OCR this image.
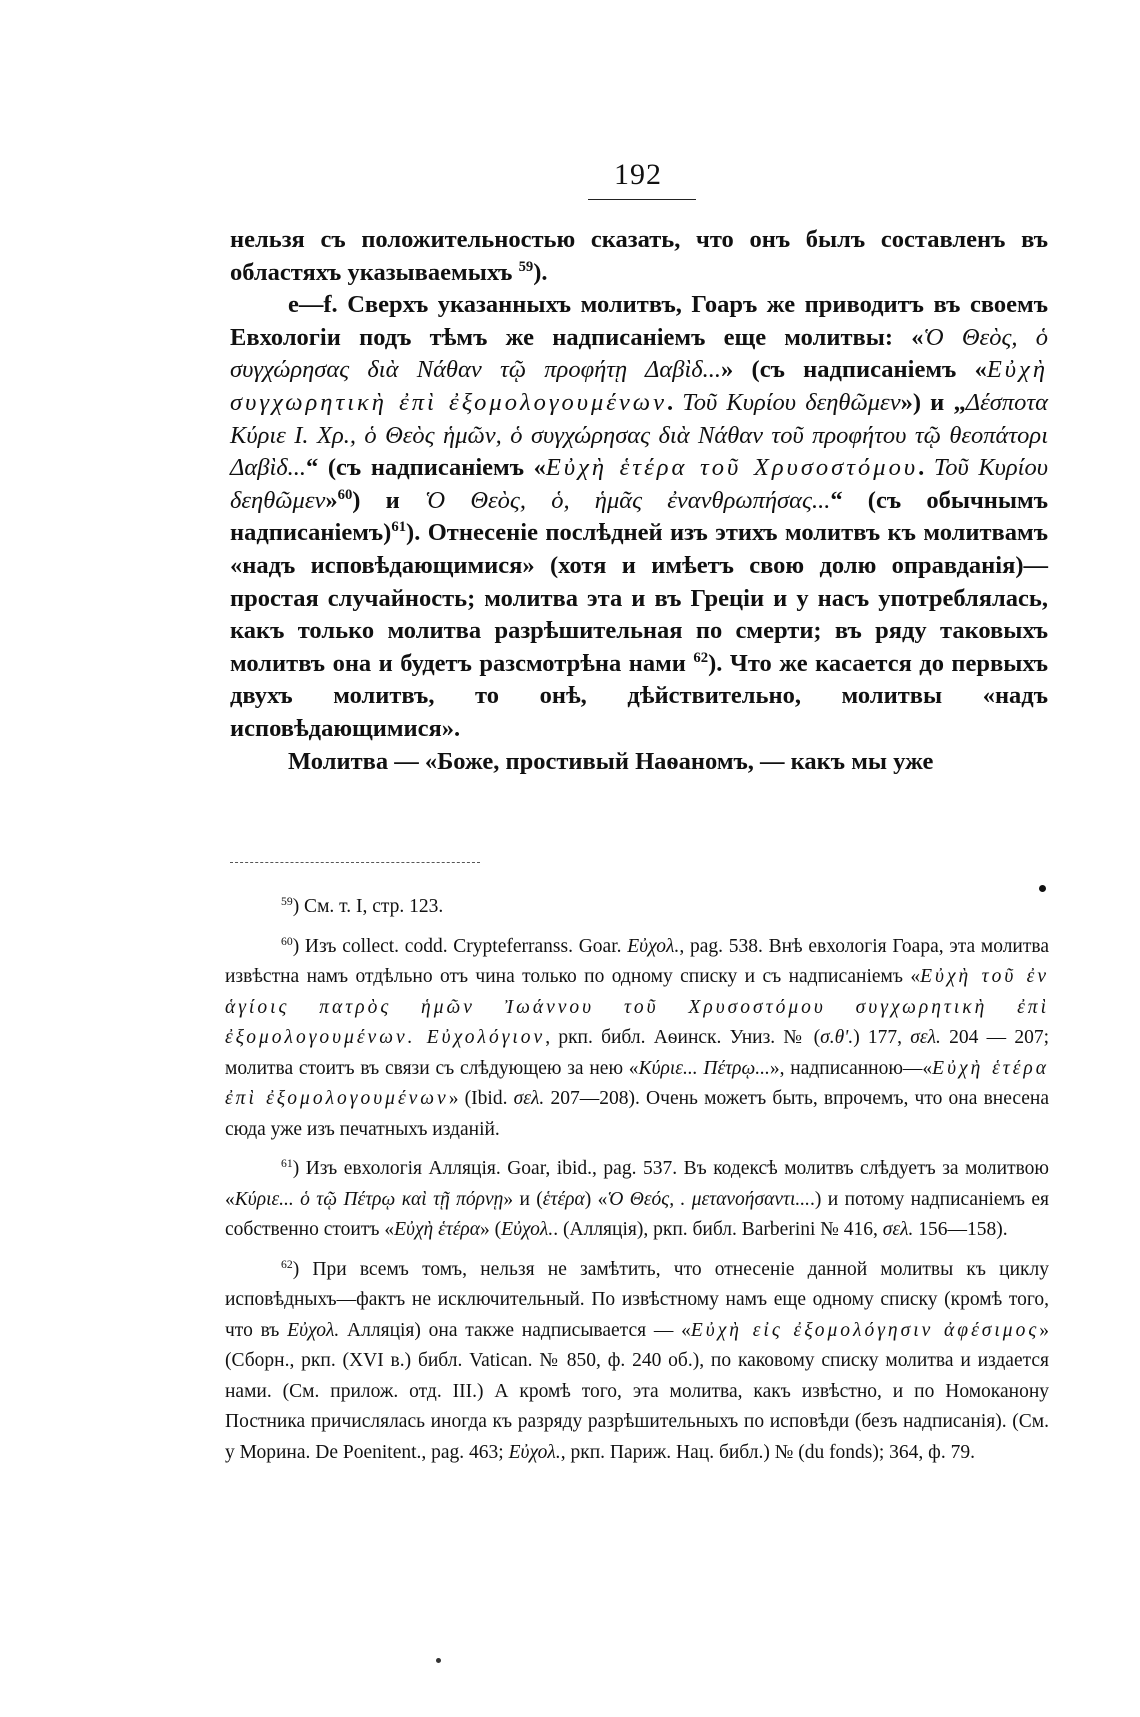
192

нельзя съ положительностью сказать, что онъ былъ составленъ въ областяхъ указываемыхъ $^{59}$).

e—f. Сверхъ указанныхъ молитвъ, Гоаръ же приводитъ въ своемъ Евхологіи подъ тѣмъ же надписаніемъ еще молитвы: «Ὁ Θεὸς, ὁ συγχώρησας διὰ Νάθαν τῷ προφήτῃ Δαβὶδ...» (съ надписаніемъ «Εὐχὴ συγχωρητικὴ ἐπὶ ἐξομολογουμένων. Τοῦ Κυρίου δεηθῶμεν») и „Δέσποτα Κύριε Ι. Χρ., ὁ Θεὸς ἡμῶν, ὁ συγχώρησας διὰ Νάθαν τοῦ προφήτου τῷ θεοπάτορι Δαβὶδ...“ (съ надписаніемъ «Εὐχὴ ἑτέρα τοῦ Χρυσοστόμου. Τοῦ Κυρίου δεηθῶμεν»$^{60}$) и Ὁ Θεὸς, ὁ, ἡμᾶς ἐνανθρωπήσας...“ (съ обычнымъ надписаніемъ)$^{61}$). Отнесеніе послѣдней изъ этихъ молитвъ къ молитвамъ «надъ исповѣдающимися» (хотя и имѣетъ свою долю оправданія)—простая случайность; молитва эта и въ Греціи и у насъ употреблялась, какъ только молитва разрѣшительная по смерти; въ ряду таковыхъ молитвъ она и будетъ разсмотрѣна нами $^{62}$). Что же касается до первыхъ двухъ молитвъ, то онѣ, дѣйствительно, молитвы «надъ исповѣдающимися».

Молитва — «Боже, простивый Наѳаномъ, — какъ мы уже

$^{59}$) См. т. I, стр. 123.

$^{60}$) Изъ collect. codd. Cryptеferranss. Goar. Εὐχολ., pag. 538. Внѣ евхологія Гоара, эта молитва извѣстна намъ отдѣльно отъ чина только по одному списку и съ надписаніемъ «Εὐχὴ τοῦ ἐν ἁγίοις πατρὸς ἡμῶν Ἰωάννου τοῦ Χρυσοστόμου συγχωρητικὴ ἐπὶ ἐξομολογουμένων. Εὐχολόγιον, ркп. библ. Аѳинск. Униз. № (σ.θ'.) 177, σελ. 204 — 207; молитва стоитъ въ связи съ слѣдующею за нею «Κύριε... Πέτρῳ...», надписанною—«Εὐχὴ ἑτέρα ἐπὶ ἐξομολογουμένων» (Ibid. σελ. 207—208). Очень можетъ быть, впрочемъ, что она внесена сюда уже изъ печатныхъ изданій.

$^{61}$) Изъ евхологія Алляція. Goar, ibid., pag. 537. Въ кодексѣ молитвъ слѣдуетъ за молитвою «Κύριε... ὁ τῷ Πέτρῳ καὶ τῇ πόρνῃ» и (ἑτέρα) «Ὁ Θεός, . μετανοήσαντι....) и потому надписаніемъ ея собственно стоитъ «Εὐχὴ ἑτέρα» (Εὐχολ.. (Алляція), ркп. библ. Barberini № 416, σελ. 156—158).

$^{62}$) При всемъ томъ, нельзя не замѣтить, что отнесеніе данной молитвы къ циклу исповѣдныхъ—фактъ не исключительный. По извѣстному намъ еще одному списку (кромѣ того, что въ Εὐχολ. Алляція) она также надписывается — «Εὐχὴ εἰς ἐξομολόγησιν ἀφέσιμος» (Сборн., ркп. (XVI в.) библ. Vatican. № 850, ф. 240 об.), по каковому списку молитва и издается нами. (См. прилож. отд. III.) А кромѣ того, эта молитва, какъ извѣстно, и по Номоканону Постника причислялась иногда къ разряду разрѣшительныхъ по исповѣди (безъ надписанія). (См. у Морина. De Poenitent., pag. 463; Εὐχολ., ркп. Париж. Нац. библ.) № (du fonds); 364, ф. 79.
